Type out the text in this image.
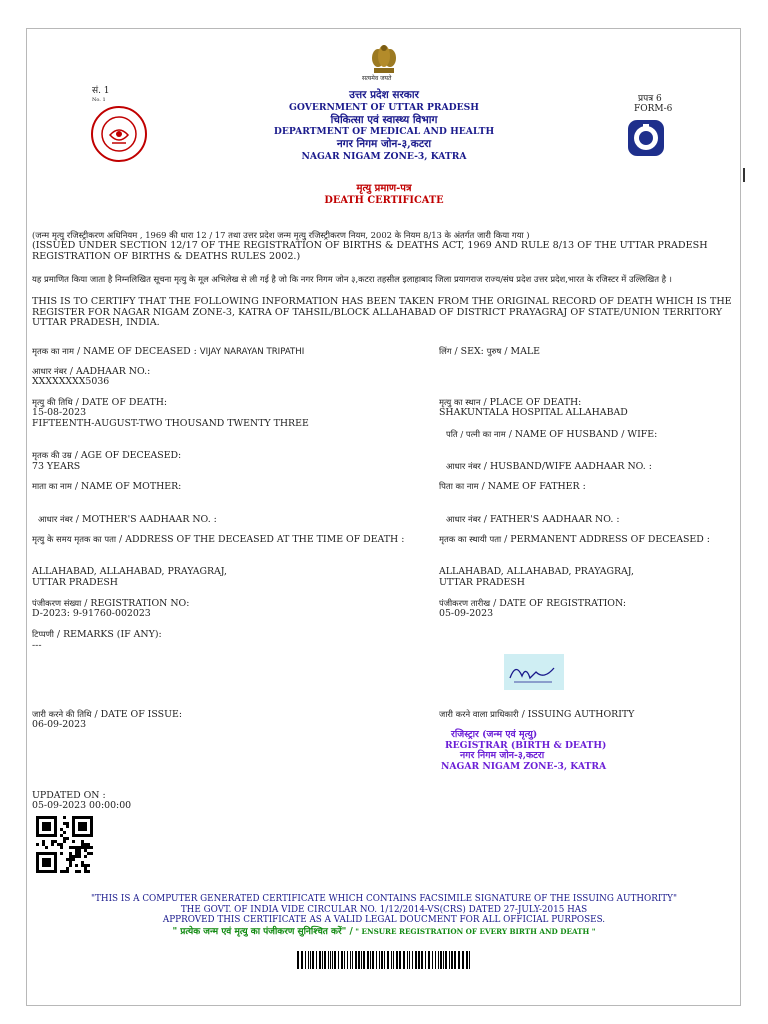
सत्यमेव जयते
सं. 1
No. 1	उत्तर प्रदेश सरकार
GOVERNMENT OF UTTAR PRADESH
चिकित्सा एवं स्वास्थ्य विभाग
DEPARTMENT OF MEDICAL AND HEALTH
नगर निगम जोन-३,कटरा
NAGAR NIGAM ZONE-3, KATRA
प्रपत्र 6
FORM-6
मृत्यु प्रमाण-पत्र
DEATH CERTIFICATE
(जन्म मृत्यु रजिस्ट्रीकरण अधिनियम , 1969 की धारा 12 / 17 तथा उत्तर प्रदेश जन्म मृत्यु रजिस्ट्रीकरण नियम, 2002 के नियम 8/13 के अंतर्गत जारी किया गया )
(ISSUED UNDER SECTION 12/17 OF THE REGISTRATION OF BIRTHS & DEATHS ACT, 1969 AND RULE 8/13 OF THE UTTAR PRADESH REGISTRATION OF BIRTHS & DEATHS RULES 2002.)
यह प्रमाणित किया जाता है निम्नलिखित सूचना मृत्यु के मूल अभिलेख से ली गई है जो कि नगर निगम जोन ३,कटरा तहसील इलाहाबाद जिला प्रयागराज राज्य/संघ प्रदेश उत्तर प्रदेश,भारत के रजिस्टर में उल्लिखित है ।
THIS IS TO CERTIFY THAT THE FOLLOWING INFORMATION HAS BEEN TAKEN FROM THE ORIGINAL RECORD OF DEATH WHICH IS THE REGISTER FOR NAGAR NIGAM ZONE-3, KATRA OF TAHSIL/BLOCK ALLAHABAD OF DISTRICT PRAYAGRAJ OF STATE/UNION TERRITORY UTTAR PRADESH, INDIA.
मृतक का नाम / NAME OF DECEASED : VIJAY NARAYAN TRIPATHI	लिंग / SEX: पुरुष / MALE
आधार नंबर / AADHAAR NO.:
XXXXXXXX5036
मृत्यु की तिथि / DATE OF DEATH:
15-08-2023
FIFTEENTH-AUGUST-TWO THOUSAND TWENTY THREE
मृत्यु का स्थान / PLACE OF DEATH:
SHAKUNTALA HOSPITAL ALLAHABAD
पति / पत्नी का नाम / NAME OF HUSBAND / WIFE:
मृतक की उम्र / AGE OF DECEASED:
73 YEARS	आधार नंबर / HUSBAND/WIFE AADHAAR NO. :
माता का नाम / NAME OF MOTHER:	पिता का नाम / NAME OF FATHER :
आधार नंबर / MOTHER'S AADHAAR NO. :	आधार नंबर / FATHER'S AADHAAR NO. :
मृत्यु के समय मृतक का पता / ADDRESS OF THE DECEASED AT THE TIME OF DEATH :	मृतक का स्थायी पता / PERMANENT ADDRESS OF DECEASED :
ALLAHABAD, ALLAHABAD, PRAYAGRAJ,
UTTAR PRADESH
ALLAHABAD, ALLAHABAD, PRAYAGRAJ,
UTTAR PRADESH
पंजीकरण संख्या / REGISTRATION NO:
D-2023: 9-91760-002023
पंजीकरण तारीख / DATE OF REGISTRATION:
05-09-2023
टिप्पणी / REMARKS (IF ANY):
---
जारी करने की तिथि / DATE OF ISSUE:
06-09-2023
जारी करने वाला प्राधिकारी / ISSUING AUTHORITY
रजिस्ट्रार (जन्म एवं मृत्यु)
REGISTRAR (BIRTH & DEATH)
नगर निगम जोन-३,कटरा
NAGAR NIGAM ZONE-3, KATRA
UPDATED ON :
05-09-2023 00:00:00
"THIS IS A COMPUTER GENERATED CERTIFICATE WHICH CONTAINS FACSIMILE SIGNATURE OF THE ISSUING AUTHORITY"
THE GOVT. OF INDIA VIDE CIRCULAR NO. 1/12/2014-VS(CRS) DATED 27-JULY-2015 HAS
APPROVED THIS CERTIFICATE AS A VALID LEGAL DOUCMENT FOR ALL OFFICIAL PURPOSES.
" प्रत्येक जन्म एवं मृत्यु का पंजीकरण सुनिश्चित करें" / " ENSURE REGISTRATION OF EVERY BIRTH AND DEATH "
